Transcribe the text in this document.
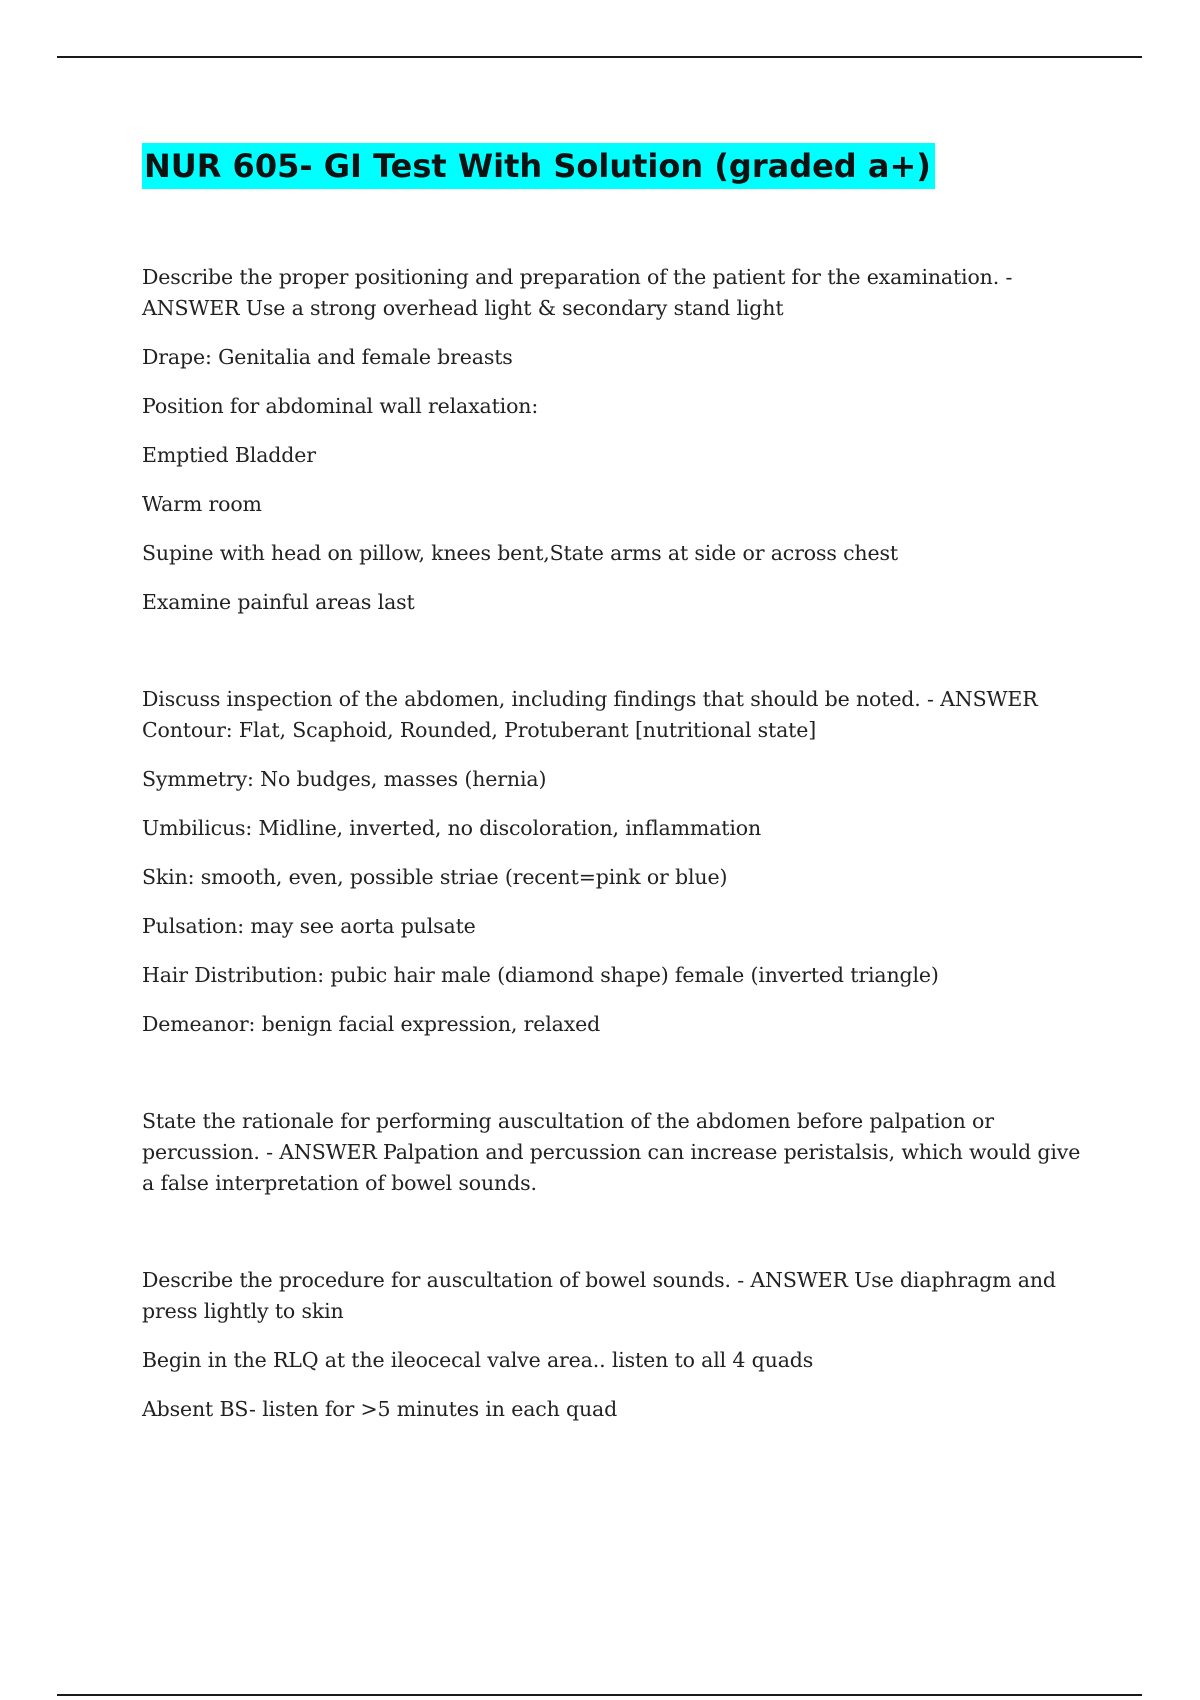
NUR 605- GI Test With Solution (graded a+)

Describe the proper positioning and preparation of the patient for the examination. - ANSWER Use a strong overhead light & secondary stand light

Drape: Genitalia and female breasts

Position for abdominal wall relaxation:

Emptied Bladder

Warm room

Supine with head on pillow, knees bent,State arms at side or across chest

Examine painful areas last

Discuss inspection of the abdomen, including findings that should be noted. - ANSWER Contour: Flat, Scaphoid, Rounded, Protuberant [nutritional state]

Symmetry: No budges, masses (hernia)

Umbilicus: Midline, inverted, no discoloration, inflammation

Skin: smooth, even, possible striae (recent=pink or blue)

Pulsation: may see aorta pulsate

Hair Distribution: pubic hair male (diamond shape) female (inverted triangle)

Demeanor: benign facial expression, relaxed

State the rationale for performing auscultation of the abdomen before palpation or percussion. - ANSWER Palpation and percussion can increase peristalsis, which would give a false interpretation of bowel sounds.

Describe the procedure for auscultation of bowel sounds. - ANSWER Use diaphragm and press lightly to skin

Begin in the RLQ at the ileocecal valve area.. listen to all 4 quads

Absent BS- listen for >5 minutes in each quad
